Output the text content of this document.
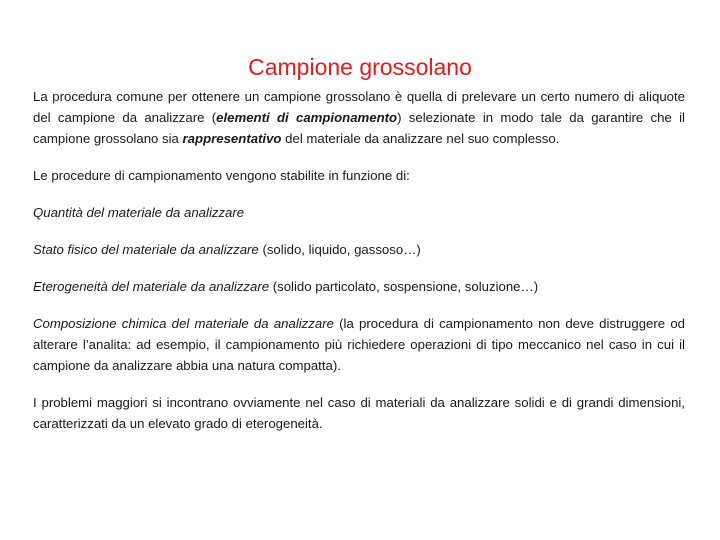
Campione grossolano

La procedura comune per ottenere un campione grossolano è quella di prelevare un certo numero di aliquote del campione da analizzare (elementi di campionamento) selezionate in modo tale da garantire che il campione grossolano sia rappresentativo del materiale da analizzare nel suo complesso.

Le procedure di campionamento vengono stabilite in funzione di:

Quantità del materiale da analizzare

Stato fisico del materiale da analizzare (solido, liquido, gassoso…)

Eterogeneità del materiale da analizzare (solido particolato, sospensione, soluzione…)

Composizione chimica del materiale da analizzare (la procedura di campionamento non deve distruggere od alterare l’analita: ad esempio, il campionamento più richiedere operazioni di tipo meccanico nel caso in cui il campione da analizzare abbia una natura compatta).

I problemi maggiori si incontrano ovviamente nel caso di materiali da analizzare solidi e di grandi dimensioni, caratterizzati da un elevato grado di eterogeneità.
